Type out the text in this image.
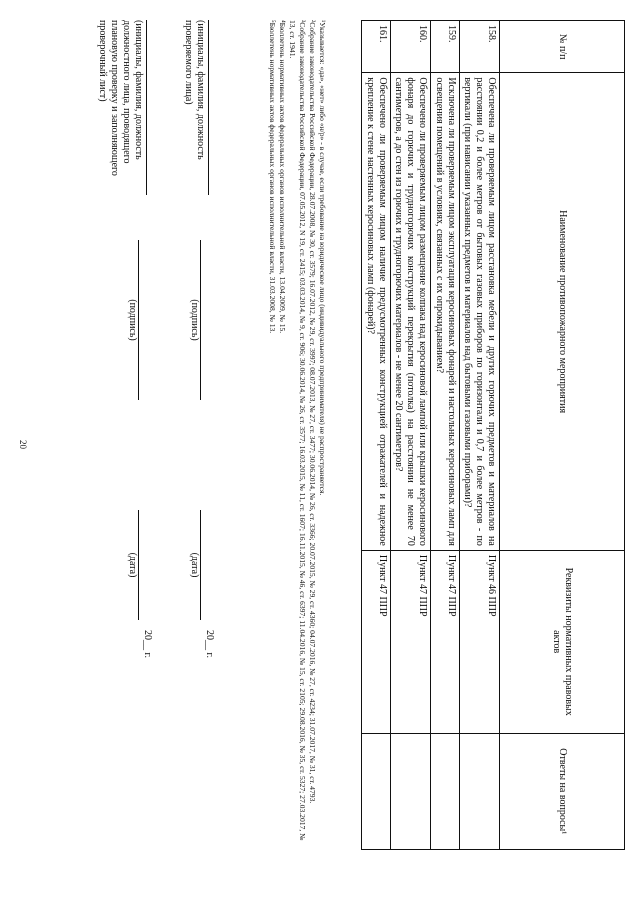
20
№ п/п	Наименование противопожарного мероприятия	Реквизиты нормативных правовых актов	Ответы на вопросы¹
158.	Обеспечена ли проверяемым лицом расстановка мебели и других горючих предметов и материалов на расстоянии 0,2 и более метров от бытовых газовых приборов по горизонтали и 0,7 и более метров - по вертикали (при нависании указанных предметов и материалов над бытовыми газовыми приборами)?	Пункт 46 ППР	
159.	Исключена ли проверяемым лицом эксплуатация керосиновых фонарей и настольных керосиновых ламп для освещения помещений в условиях, связанных с их опрокидыванием?	Пункт 47 ППР	
160.	Обеспечено ли проверяемым лицом размещение колпака над керосиновой лампой или крышки керосинового фонаря до горючих и трудногорючих конструкций перекрытия (потолка) на расстоянии не менее 70 сантиметров, а до стен из горючих и трудногорючих материалов - не менее 20 сантиметров?	Пункт 47 ППР	
161.	Обеспечено ли проверяемым лицом наличие предусмотренных конструкцией отражателей и надежное крепление к стене настенных керосиновых ламп (фонарей)?	Пункт 47 ППР	

¹Указывается: «да», «нет» либо «н/р» - в случае, если требование на юридическое лицо (индивидуального предпринимателя) не распространяется.

²Собрание законодательства Российской Федерации, 28.07.2008, № 30, ст. 3579; 16.07.2012, № 29, ст. 3997; 08.07.2013, № 27, ст. 3477; 30.06.2014, № 26, ст. 3366; 20.07.2015, № 29, ст. 4360; 04.07.2016, № 27, ст. 4234; 31.07.2017, № 31, ст. 4793.

³Собрание законодательства Российской Федерации, 07.05.2012, N 19, ст. 2415; 03.03.2014, № 9, ст. 906; 30.06.2014, № 26, ст. 3577; 16.03.2015, № 11, ст. 1607; 16.11.2015, № 46, ст. 6397; 11.04.2016, № 15, ст. 2105; 29.08.2016, № 35, ст. 5327; 27.03.2017, № 13, ст. 1941.

⁴Бюллетень нормативных актов федеральных органов исполнительной власти, 13.04.2009, № 15.

⁵Бюллетень нормативных актов федеральных органов исполнительной власти, 31.03.2008, № 13.

(инициалы, фамилия, должность проверяемого лица)
(подпись)
(дата)
20__ г.
(инициалы, фамилия, должность должностного лица, проводящего плановую проверку и заполняющего проверочный лист)
(подпись)
(дата)
20__ г.
